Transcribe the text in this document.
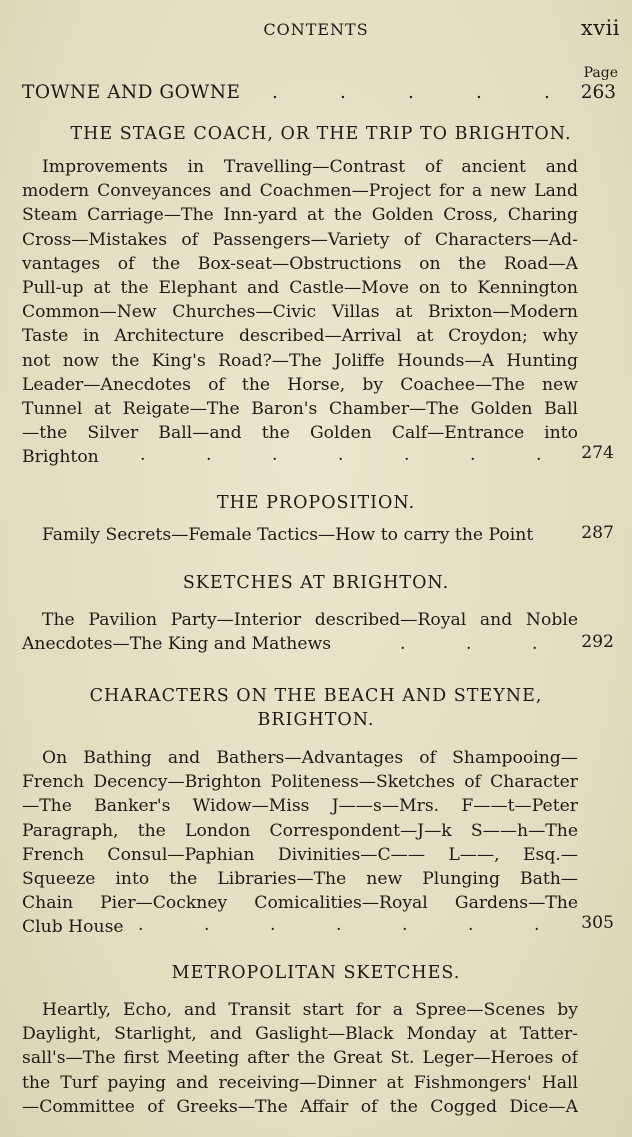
CONTENTS	xvii
Page
TOWNE AND GOWNE .	.	.	.	.	263
THE STAGE COACH, OR THE TRIP TO BRIGHTON.
Improvements in Travelling—Contrast of ancient and
modern Conveyances and Coachmen—Project for a new Land
Steam Carriage—The Inn-yard at the Golden Cross, Charing
Cross—Mistakes of Passengers—Variety of Characters—Ad-
vantages of the Box-seat—Obstructions on the Road—A
Pull-up at the Elephant and Castle—Move on to Kennington
Common—New Churches—Civic Villas at Brixton—Modern
Taste in Architecture described—Arrival at Croydon; why
not now the King's Road?—The Joliffe Hounds—A Hunting
Leader—Anecdotes of the Horse, by Coachee—The new
Tunnel at Reigate—The Baron's Chamber—The Golden Ball
—the Silver Ball—and the Golden Calf—Entrance into
Brighton	.	.	.	.	.	.	.	274
THE PROPOSITION.
Family Secrets—Female Tactics—How to carry the Point	287
SKETCHES AT BRIGHTON.
The Pavilion Party—Interior described—Royal and Noble
Anecdotes—The King and Mathews	.	.	.	292
CHARACTERS ON THE BEACH AND STEYNE,
BRIGHTON.
On Bathing and Bathers—Advantages of Shampooing—
French Decency—Brighton Politeness—Sketches of Character
—The Banker's Widow—Miss J——s—Mrs. F——t—Peter
Paragraph, the London Correspondent—J—k S——h—The
French Consul—Paphian Divinities—C—— L——, Esq.—
Squeeze into the Libraries—The new Plunging Bath—
Chain Pier—Cockney Comicalities—Royal Gardens—The
Club House .	.	.	.	.	.	.	305
METROPOLITAN SKETCHES.
Heartly, Echo, and Transit start for a Spree—Scenes by
Daylight, Starlight, and Gaslight—Black Monday at Tatter-
sall's—The first Meeting after the Great St. Leger—Heroes of
the Turf paying and receiving—Dinner at Fishmongers' Hall
—Committee of Greeks—The Affair of the Cogged Dice—A
